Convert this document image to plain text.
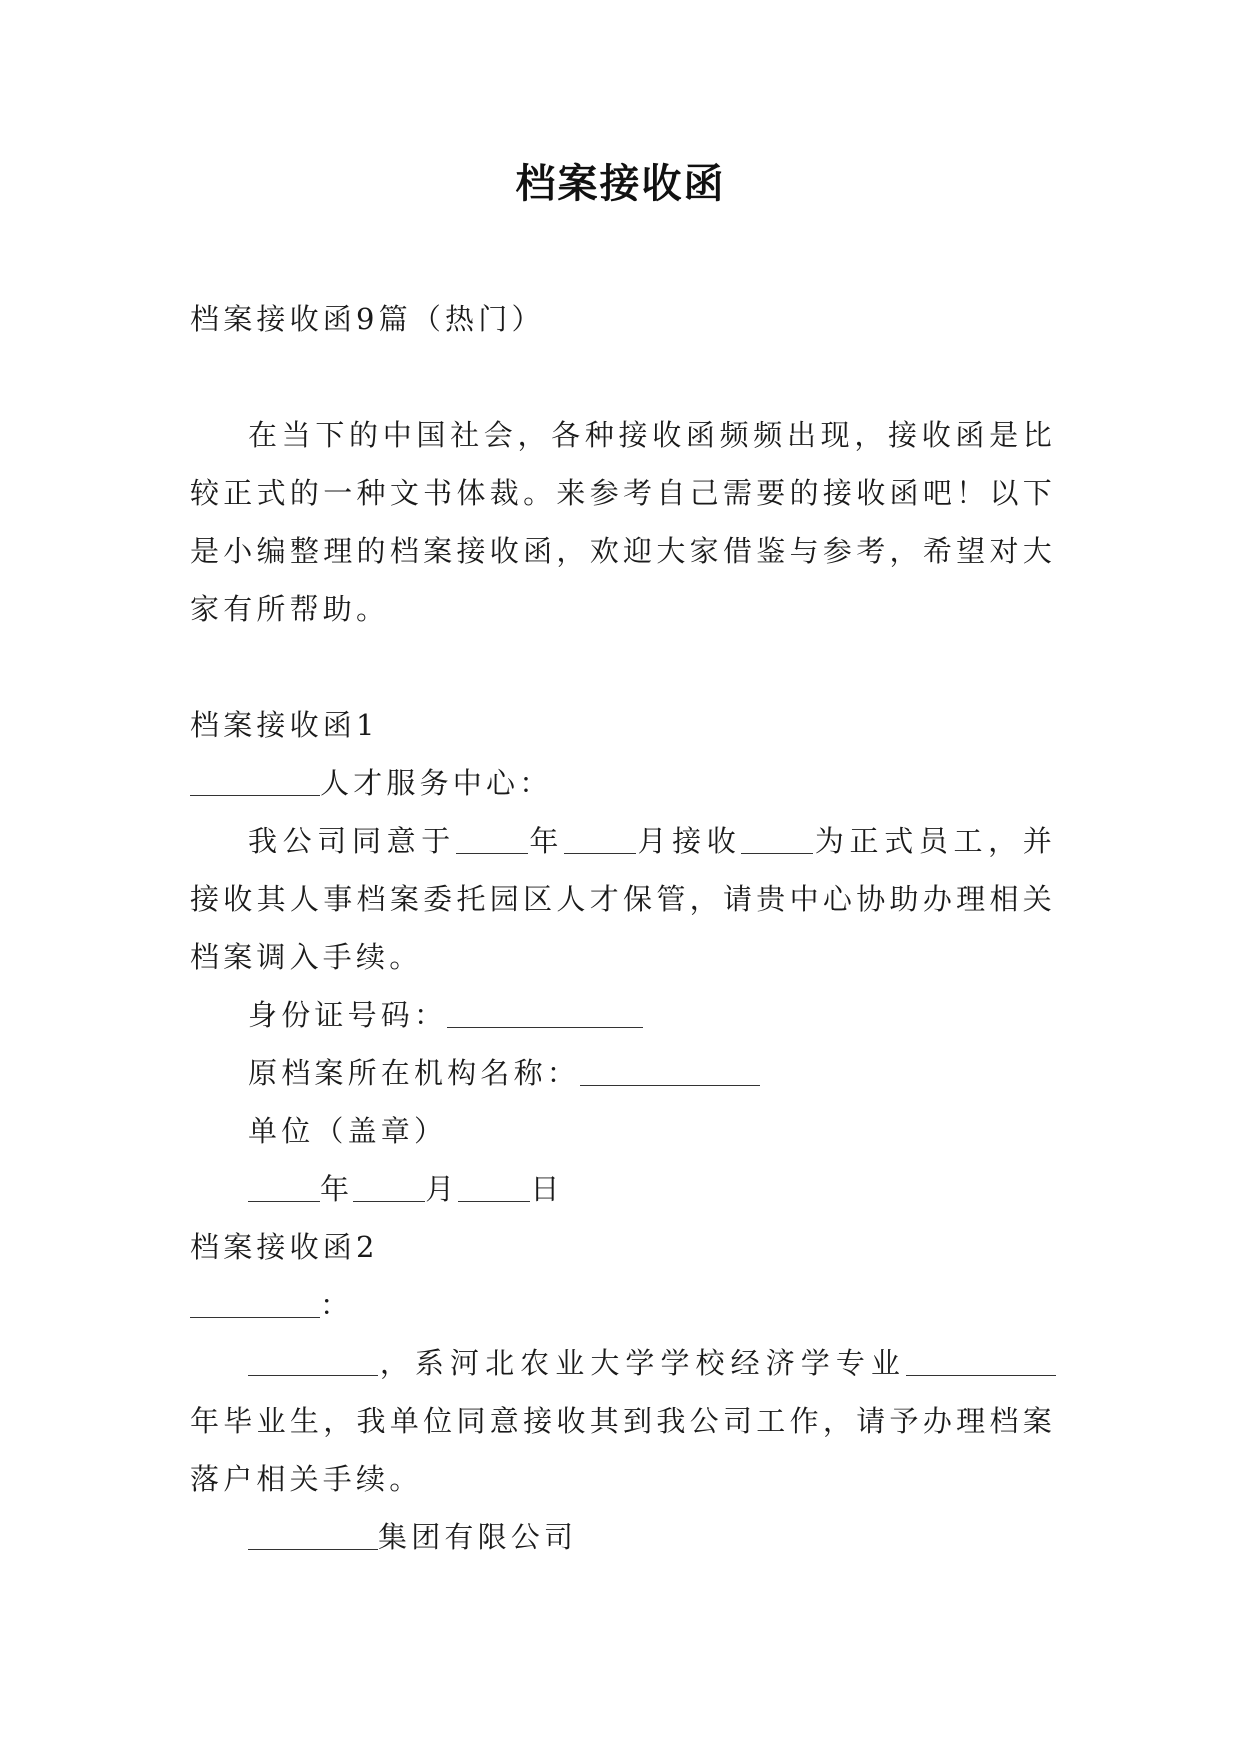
档案接收函
档案接收函9篇（热门）
在当下的中国社会，各种接收函频频出现，接收函是比较正式的一种文书体裁。来参考自己需要的接收函吧！以下是小编整理的档案接收函，欢迎大家借鉴与参考，希望对大家有所帮助。
档案接收函1
人才服务中心：
我公司同意于 年 月接收 为正式员工，并接收其人事档案委托园区人才保管，请贵中心协助办理相关档案调入手续。
身份证号码：
原档案所在机构名称：
单位（盖章）
年 月 日
档案接收函2
：
，系河北农业大学学校经济学专业年毕业生，我单位同意接收其到我公司工作，请予办理档案落户相关手续。
集团有限公司
